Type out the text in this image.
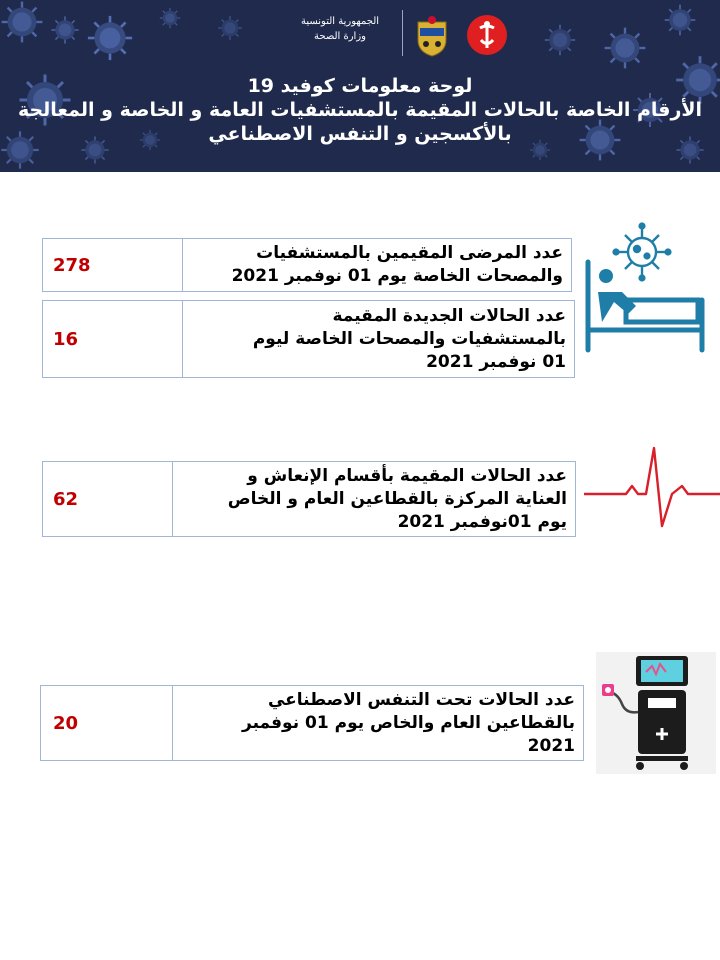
الجمهورية التونسية
وزارة الصحة
لوحة معلومات كوفيد 19
الأرقام الخاصة بالحالات المقيمة بالمستشفيات العامة و الخاصة و المعالجة
بالأكسجين و التنفس الاصطناعي
278
عدد المرضى المقيمين بالمستشفيات
والمصحات الخاصة يوم 01 نوفمبر 2021
16
عدد الحالات الجديدة المقيمة
بالمستشفيات والمصحات الخاصة ليوم
01 نوفمبر 2021
62
عدد الحالات المقيمة بأقسام الإنعاش و
العناية المركزة بالقطاعين العام و الخاص
يوم 01نوفمبر 2021
20
عدد الحالات تحت التنفس الاصطناعي
بالقطاعين العام والخاص يوم 01 نوفمبر
2021
